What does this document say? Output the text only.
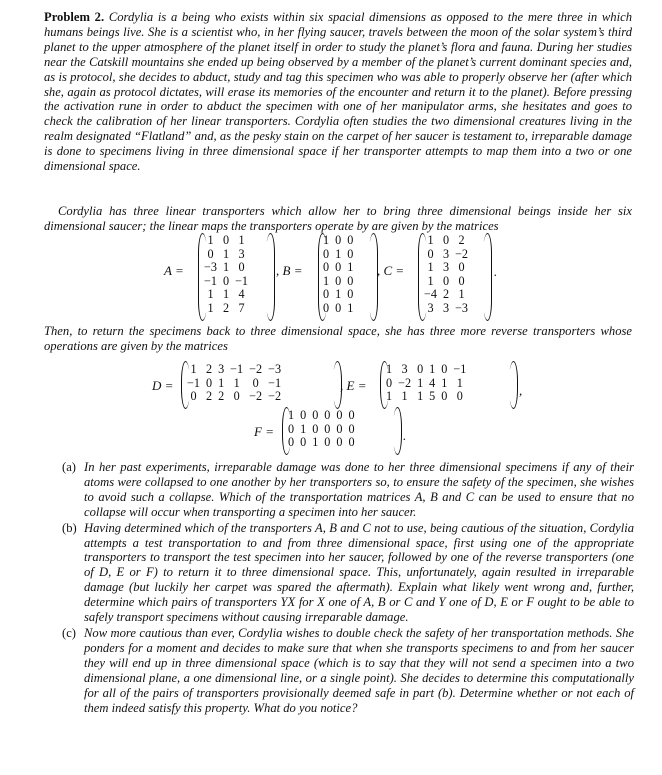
Problem 2. Cordylia is a being who exists within six spacial dimensions as opposed to the mere three in which humans beings live. She is a scientist who, in her flying saucer, travels between the moon of the solar system’s third planet to the upper atmosphere of the planet itself in order to study the planet’s flora and fauna. During her studies near the Catskill mountains she ended up being observed by a member of the planet’s current dominant species and, as is protocol, she decides to abduct, study and tag this specimen who was able to properly observe her (after which she, again as protocol dictates, will erase its memories of the encounter and return it to the planet). Before pressing the activation rune in order to abduct the specimen with one of her manipulator arms, she hesitates and goes to check the calibration of her linear transporters. Cordylia often studies the two dimensional creatures living in the realm designated “Flatland” and, as the pesky stain on the carpet of her saucer is testament to, irreparable damage is done to specimens living in three dimensional space if her transporter attempts to map them into a two or one dimensional space.

Cordylia has three linear transporters which allow her to bring three dimensional beings inside her six dimensional saucer; the linear maps the transporters operate by are given by the matrices

A =
1	0	1
0	1	3
−3	1	0
−1	0	−1
1	1	4
1	2	7
, B =
1	0	0
0	1	0
0	0	1
1	0	0
0	1	0
0	0	1
, C =
1	0	2
0	3	−2
1	3	0
1	0	0
−4	2	1
3	3	−3
.

Then, to return the specimens back to three dimensional space, she has three more reverse transporters whose operations are given by the matrices

D =
1	2	3	−1	−2	−3
−1	0	1	1	0	−1
0	2	2	0	−2	−2
, E =
1	3	0	1	0	−1
0	−2	1	4	1	1
1	1	1	5	0	0	,
F =
1	0	0	0	0	0
0	1	0	0	0	0
0	0	1	0	0	0	.

(a) In her past experiments, irreparable damage was done to her three dimensional specimens if any of their atoms were collapsed to one another by her transporters so, to ensure the safety of the specimen, she wishes to avoid such a collapse. Which of the transportation matrices A, B and C can be used to ensure that no collapse will occur when transporting a specimen into her saucer.

(b) Having determined which of the transporters A, B and C not to use, being cautious of the situation, Cordylia attempts a test transportation to and from three dimensional space, first using one of the appropriate transporters to transport the test specimen into her saucer, followed by one of the reverse transporters (one of D, E or F) to return it to three dimensional space. This, unfortunately, again resulted in irreparable damage (but luckily her carpet was spared the aftermath). Explain what likely went wrong and, further, determine which pairs of transporters YX for X one of A, B or C and Y one of D, E or F ought to be able to safely transport specimens without causing irreparable damage.

(c) Now more cautious than ever, Cordylia wishes to double check the safety of her transportation methods. She ponders for a moment and decides to make sure that when she transports specimens to and from her saucer they will end up in three dimensional space (which is to say that they will not send a specimen into a two dimensional plane, a one dimensional line, or a single point). She decides to determine this computationally for all of the pairs of transporters provisionally deemed safe in part (b). Determine whether or not each of them indeed satisfy this property. What do you notice?
